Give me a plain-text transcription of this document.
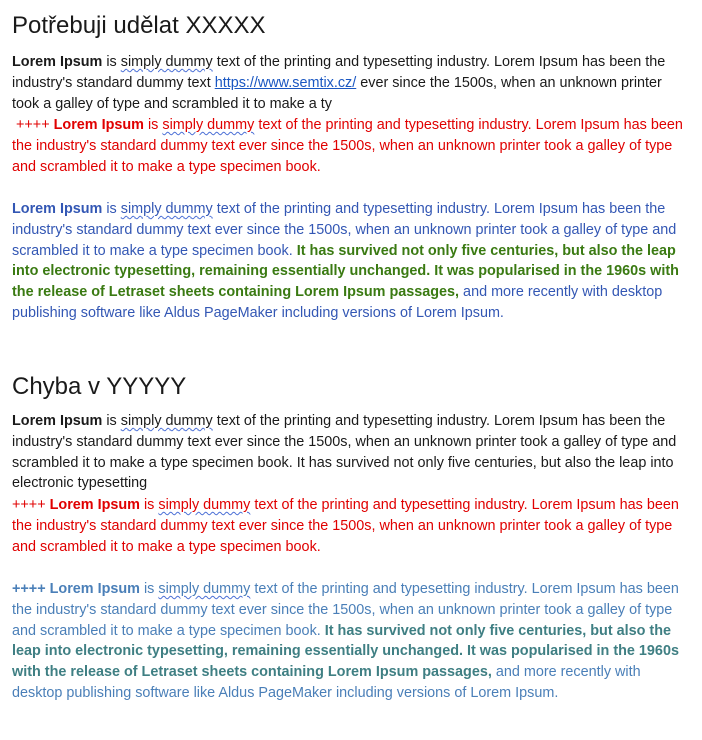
Potřebuji udělat XXXXX

Lorem Ipsum is simply dummy text of the printing and typesetting industry. Lorem Ipsum has been the industry's standard dummy text https://www.semtix.cz/ ever since the 1500s, when an unknown printer took a galley of type and scrambled it to make a ty

++++ Lorem Ipsum is simply dummy text of the printing and typesetting industry. Lorem Ipsum has been the industry's standard dummy text ever since the 1500s, when an unknown printer took a galley of type and scrambled it to make a type specimen book.

Lorem Ipsum is simply dummy text of the printing and typesetting industry. Lorem Ipsum has been the industry's standard dummy text ever since the 1500s, when an unknown printer took a galley of type and scrambled it to make a type specimen book. It has survived not only five centuries, but also the leap into electronic typesetting, remaining essentially unchanged. It was popularised in the 1960s with the release of Letraset sheets containing Lorem Ipsum passages, and more recently with desktop publishing software like Aldus PageMaker including versions of Lorem Ipsum.

Chyba v YYYYY

Lorem Ipsum is simply dummy text of the printing and typesetting industry. Lorem Ipsum has been the industry's standard dummy text ever since the 1500s, when an unknown printer took a galley of type and scrambled it to make a type specimen book. It has survived not only five centuries, but also the leap into electronic typesetting

++++ Lorem Ipsum is simply dummy text of the printing and typesetting industry. Lorem Ipsum has been the industry's standard dummy text ever since the 1500s, when an unknown printer took a galley of type and scrambled it to make a type specimen book.

++++ Lorem Ipsum is simply dummy text of the printing and typesetting industry. Lorem Ipsum has been the industry's standard dummy text ever since the 1500s, when an unknown printer took a galley of type and scrambled it to make a type specimen book. It has survived not only five centuries, but also the leap into electronic typesetting, remaining essentially unchanged. It was popularised in the 1960s with the release of Letraset sheets containing Lorem Ipsum passages, and more recently with desktop publishing software like Aldus PageMaker including versions of Lorem Ipsum.
